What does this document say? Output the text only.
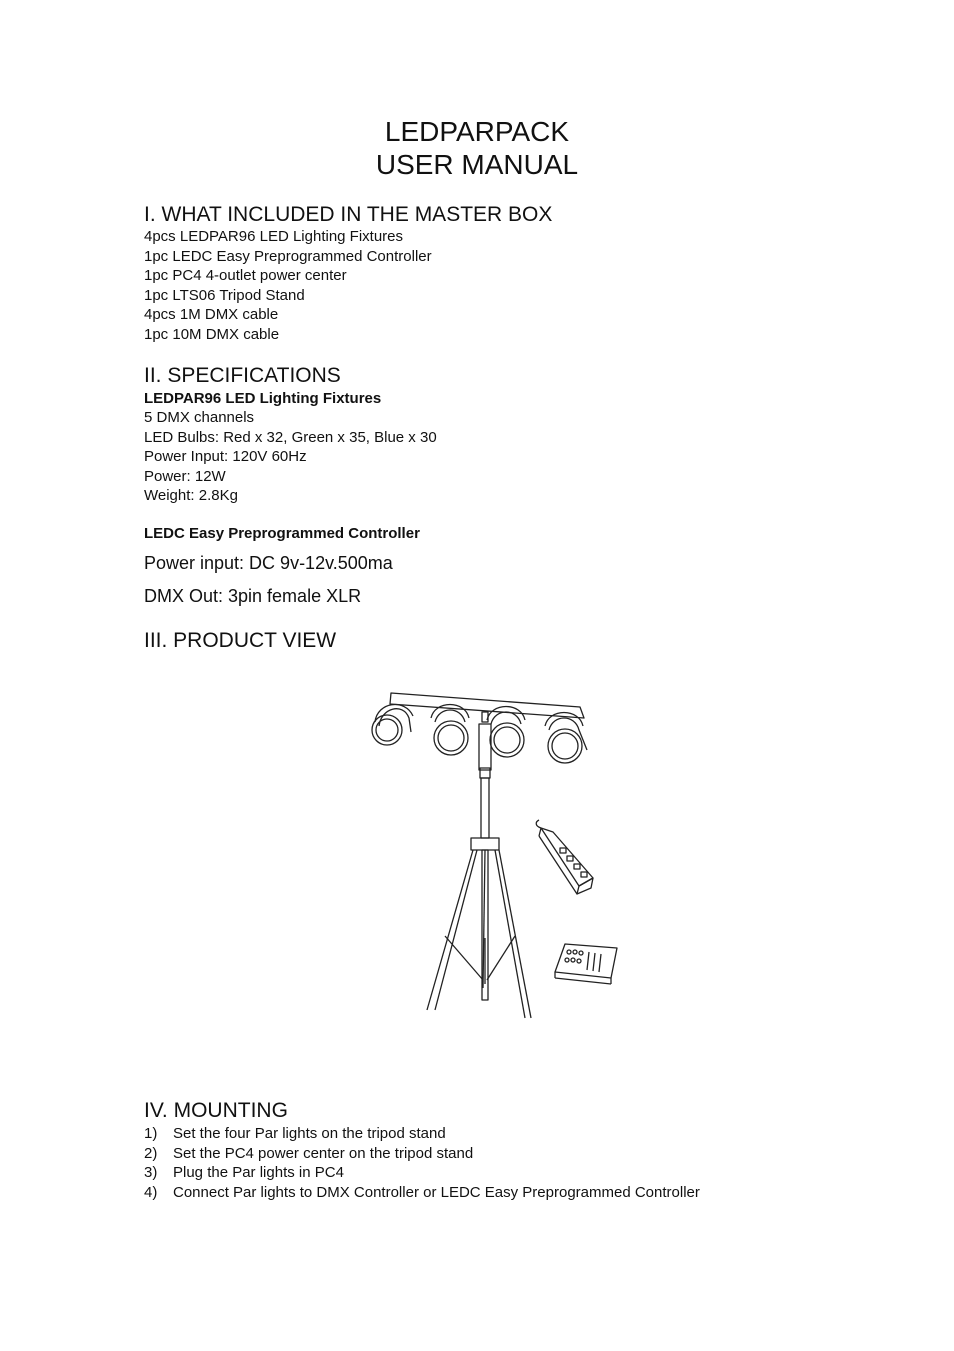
LEDPARPACK
USER MANUAL
I. WHAT INCLUDED IN THE MASTER BOX
4pcs LEDPAR96 LED Lighting Fixtures
1pc LEDC Easy Preprogrammed Controller
1pc PC4 4-outlet power center
1pc LTS06 Tripod Stand
4pcs 1M DMX cable
1pc 10M DMX cable
II. SPECIFICATIONS
LEDPAR96 LED Lighting Fixtures
5 DMX channels
LED Bulbs: Red x 32, Green x 35, Blue x 30
Power Input: 120V 60Hz
Power: 12W
Weight: 2.8Kg
LEDC Easy Preprogrammed Controller
Power input: DC 9v-12v.500ma
DMX Out: 3pin female XLR
III. PRODUCT VIEW
IV. MOUNTING
1) Set the four Par lights on the tripod stand
2) Set the PC4 power center on the tripod stand
3) Plug the Par lights in PC4
4) Connect Par lights to DMX Controller or LEDC Easy Preprogrammed Controller
